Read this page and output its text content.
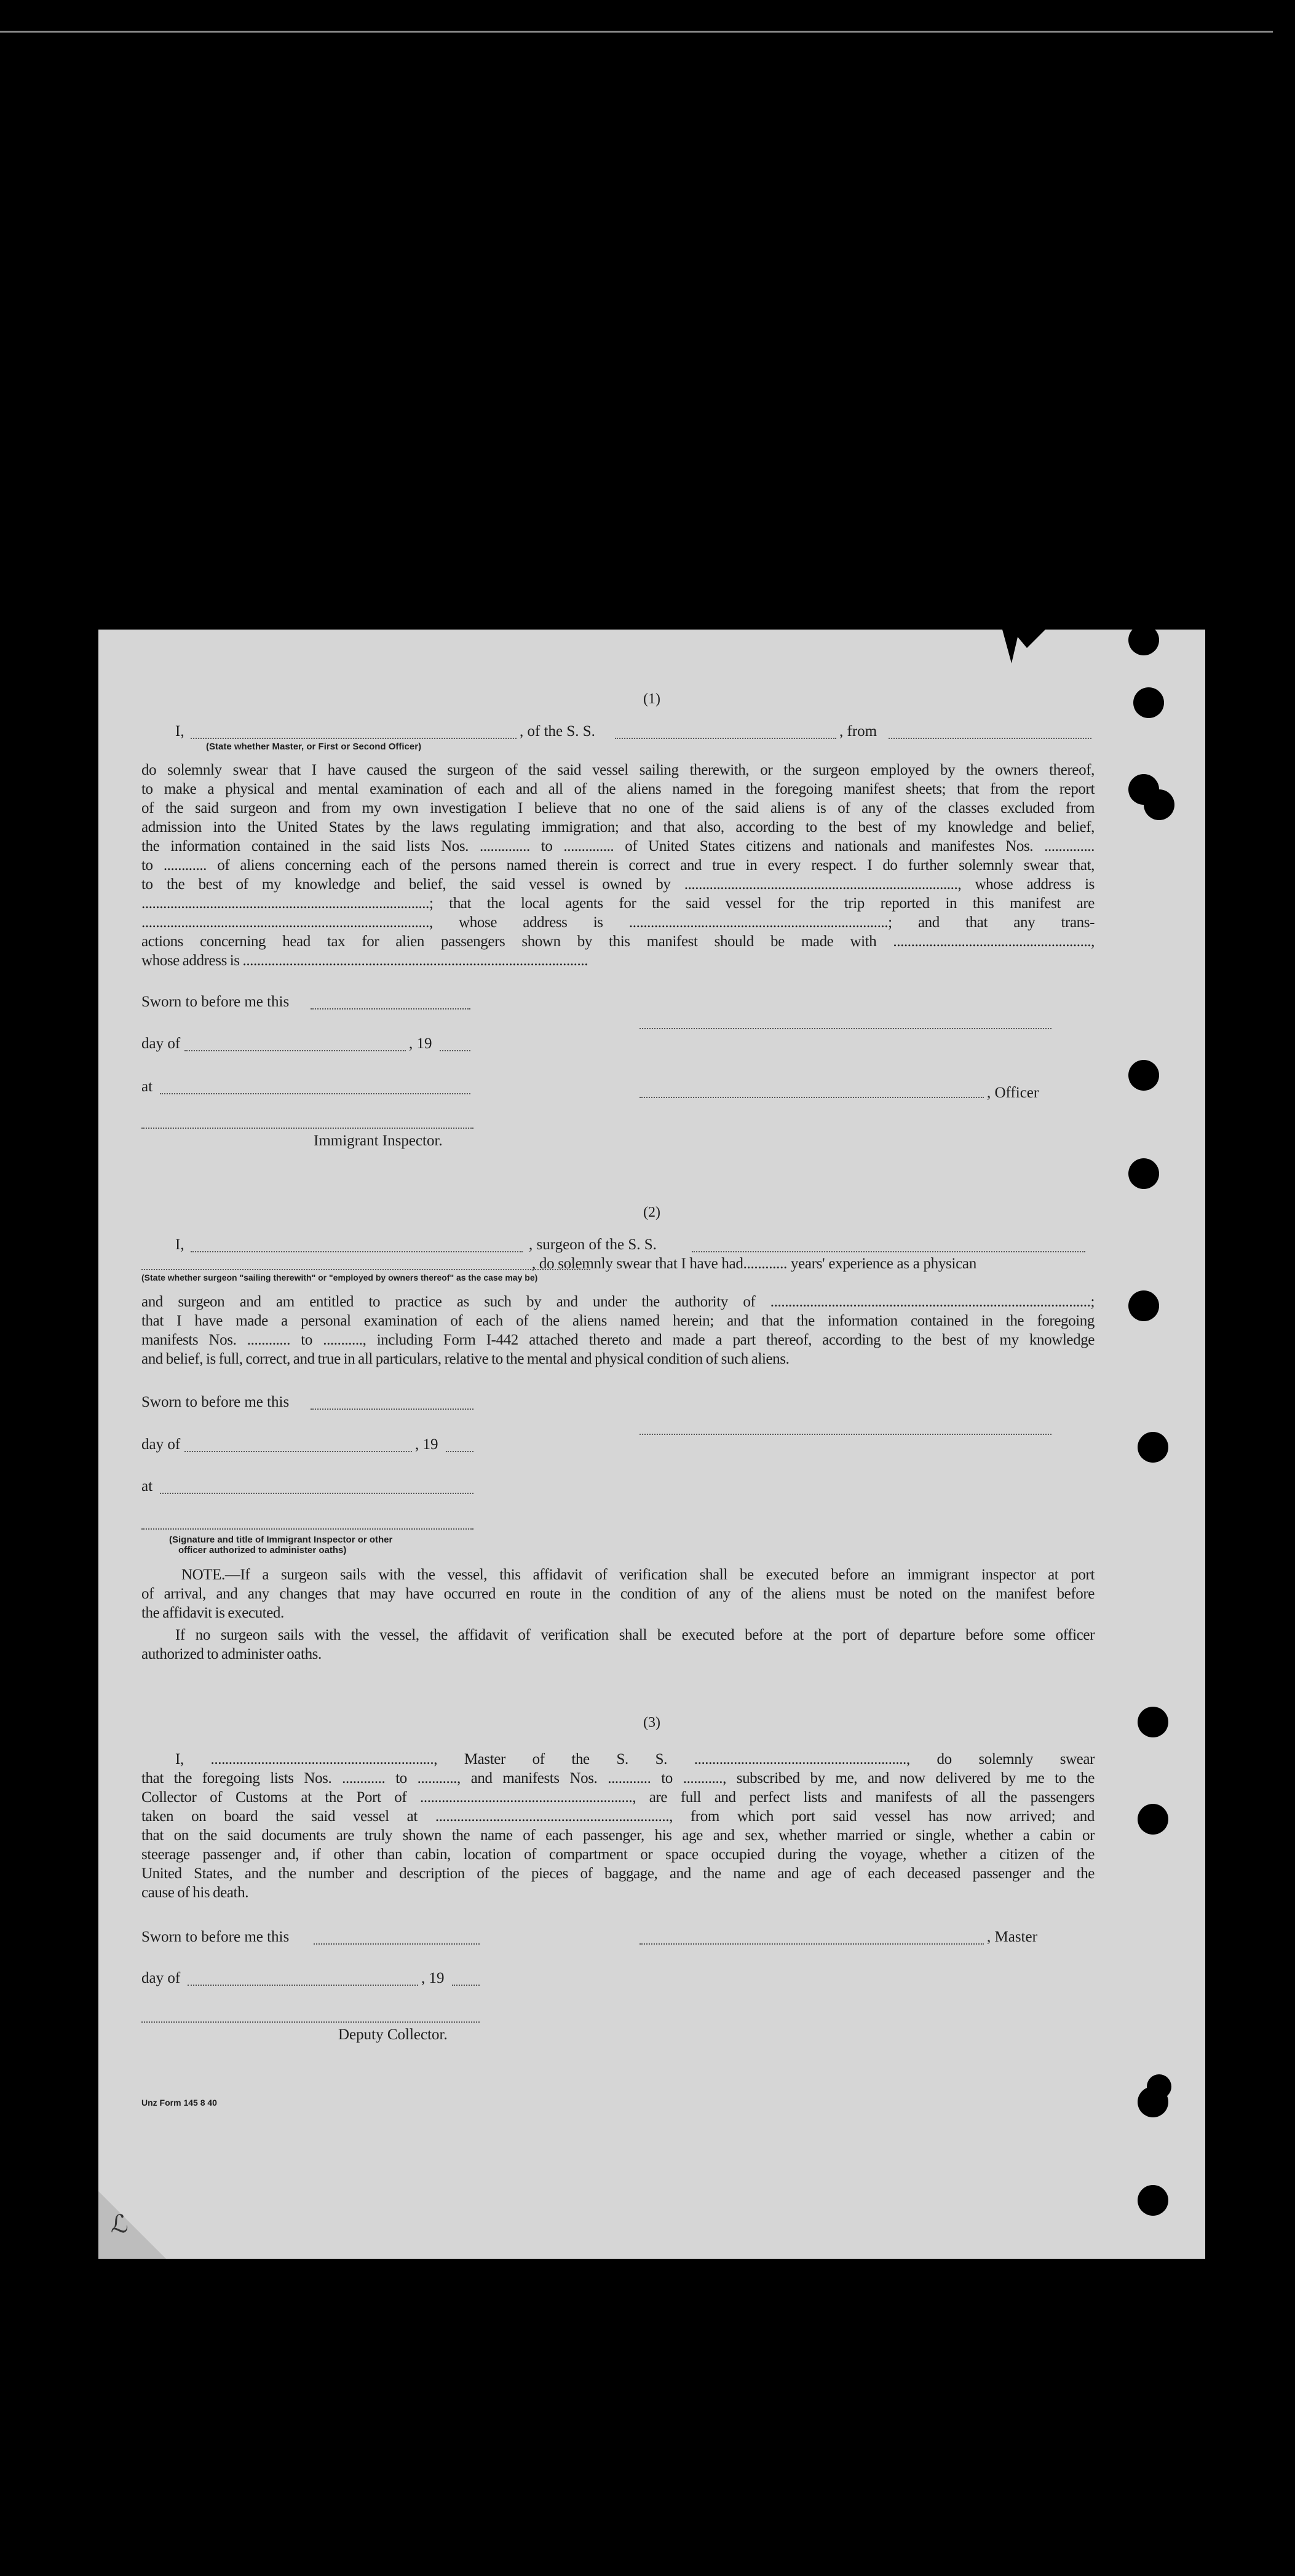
(1)
I,	, of the S. S.	, from
(State whether Master, or First or Second Officer)
do solemnly swear that I have caused the surgeon of the said vessel sailing therewith, or the surgeon employed by the owners thereof,
to make a physical and mental examination of each and all of the aliens named in the foregoing manifest sheets; that from the report
of the said surgeon and from my own investigation I believe that no one of the said aliens is of any of the classes excluded from
admission into the United States by the laws regulating immigration; and that also, according to the best of my knowledge and belief,
the information contained in the said lists Nos. .............. to .............. of United States citizens and nationals and manifestes Nos. ..............
to ............ of aliens concerning each of the persons named therein is correct and true in every respect. I do further solemnly swear that,
to the best of my knowledge and belief, the said vessel is owned by ............................................................................, whose address is
................................................................................; that the local agents for the said vessel for the trip reported in this manifest are
................................................................................, whose address is ........................................................................; and that any trans-
actions concerning head tax for alien passengers shown by this manifest should be made with .......................................................,
whose address is ................................................................................................
Sworn to before me this
day of	, 19
at	, Officer
Immigrant Inspector.
(2)
I,	, surgeon of the S. S.
, do solemnly swear that I have had............ years' experience as a physican
(State whether surgeon "sailing therewith" or "employed by owners thereof" as the case may be)
and surgeon and am entitled to practice as such by and under the authority of .........................................................................................;
that I have made a personal examination of each of the aliens named herein; and that the information contained in the foregoing
manifests Nos. ............ to ..........., including Form I-442 attached thereto and made a part thereof, according to the best of my knowledge
and belief, is full, correct, and true in all particulars, relative to the mental and physical condition of such aliens.
Sworn to before me this
day of	, 19
at
(Signature and title of Immigrant Inspector or other
officer authorized to administer oaths)
NOTE.—If a surgeon sails with the vessel, this affidavit of verification shall be executed before an immigrant inspector at port
of arrival, and any changes that may have occurred en route in the condition of any of the aliens must be noted on the manifest before
the affidavit is executed.
If no surgeon sails with the vessel, the affidavit of verification shall be executed before at the port of departure before some officer
authorized to administer oaths.
(3)
I, .............................................................., Master of the S. S. ..........................................................., do solemnly swear
that the foregoing lists Nos. ............ to ..........., and manifests Nos. ............ to ..........., subscribed by me, and now delivered by me to the
Collector of Customs at the Port of ..........................................................., are full and perfect lists and manifests of all the passengers
taken on board the said vessel at ................................................................., from which port said vessel has now arrived; and
that on the said documents are truly shown the name of each passenger, his age and sex, whether married or single, whether a cabin or
steerage passenger and, if other than cabin, location of compartment or space occupied during the voyage, whether a citizen of the
United States, and the number and description of the pieces of baggage, and the name and age of each deceased passenger and the
cause of his death.
Sworn to before me this	, Master
day of	, 19
Deputy Collector.
Unz Form 145 8 40
ℒ
